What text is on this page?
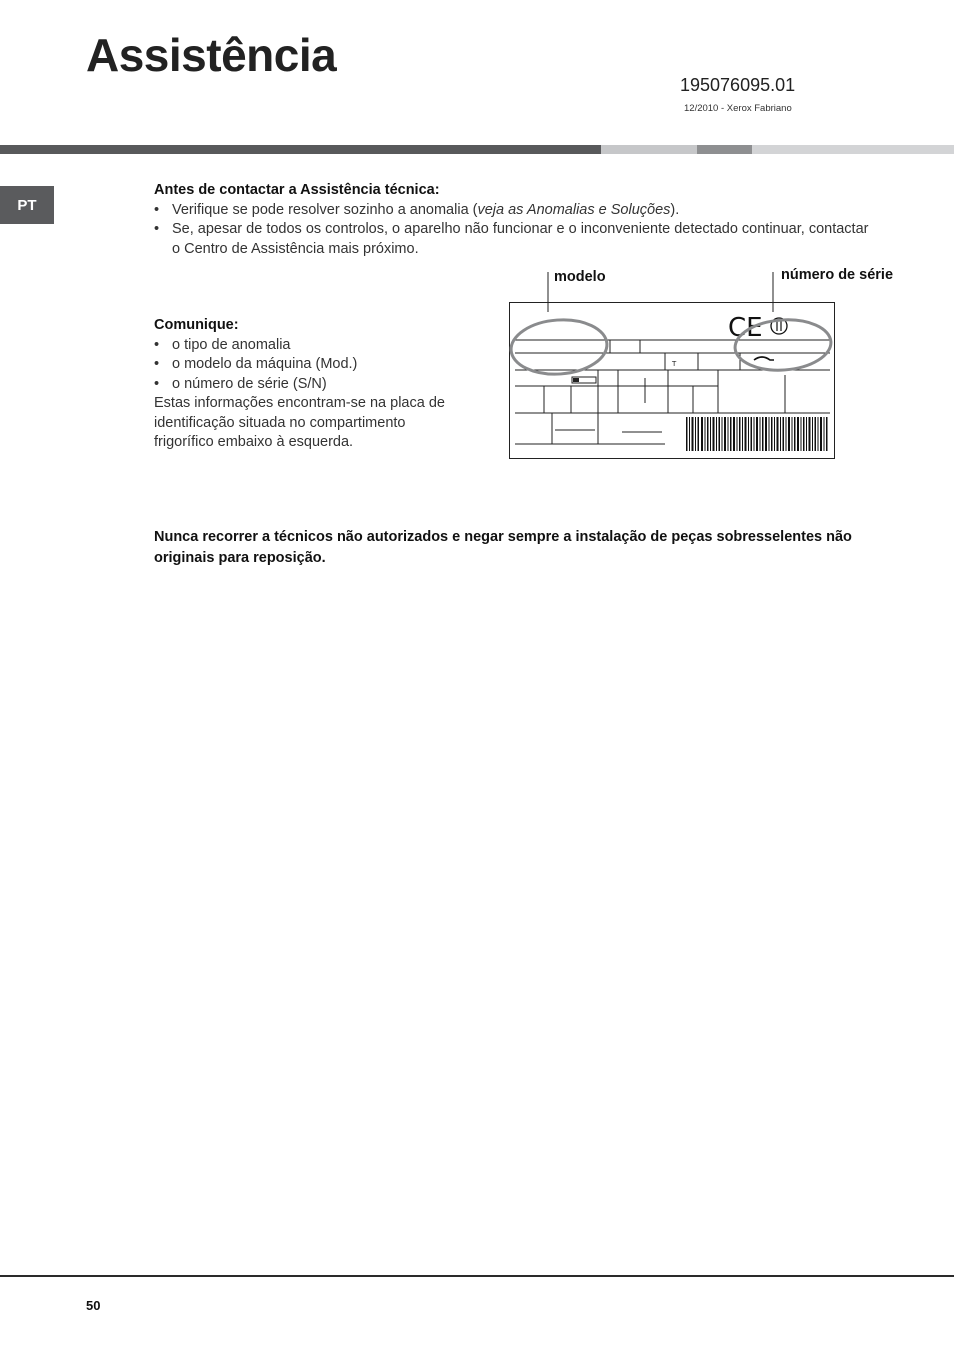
Assistência
195076095.01
12/2010 - Xerox Fabriano
PT
Antes de contactar a Assistência técnica:
• Verifique se pode resolver sozinho a anomalia (veja as Anomalias e Soluções).
• Se, apesar de todos os controlos, o aparelho não funcionar e o inconveniente detectado continuar, contactar o Centro de Assistência mais próximo.
Comunique:
• o tipo de anomalia
• o modelo da máquina (Mod.)
• o número de série (S/N)
Estas informações encontram-se na placa de identificação situada no compartimento frigorífico embaixo à esquerda.
modelo	número de série
T
CE
Nunca recorrer a técnicos não autorizados e negar sempre a instalação de peças sobresselentes não originais para reposição.
50
